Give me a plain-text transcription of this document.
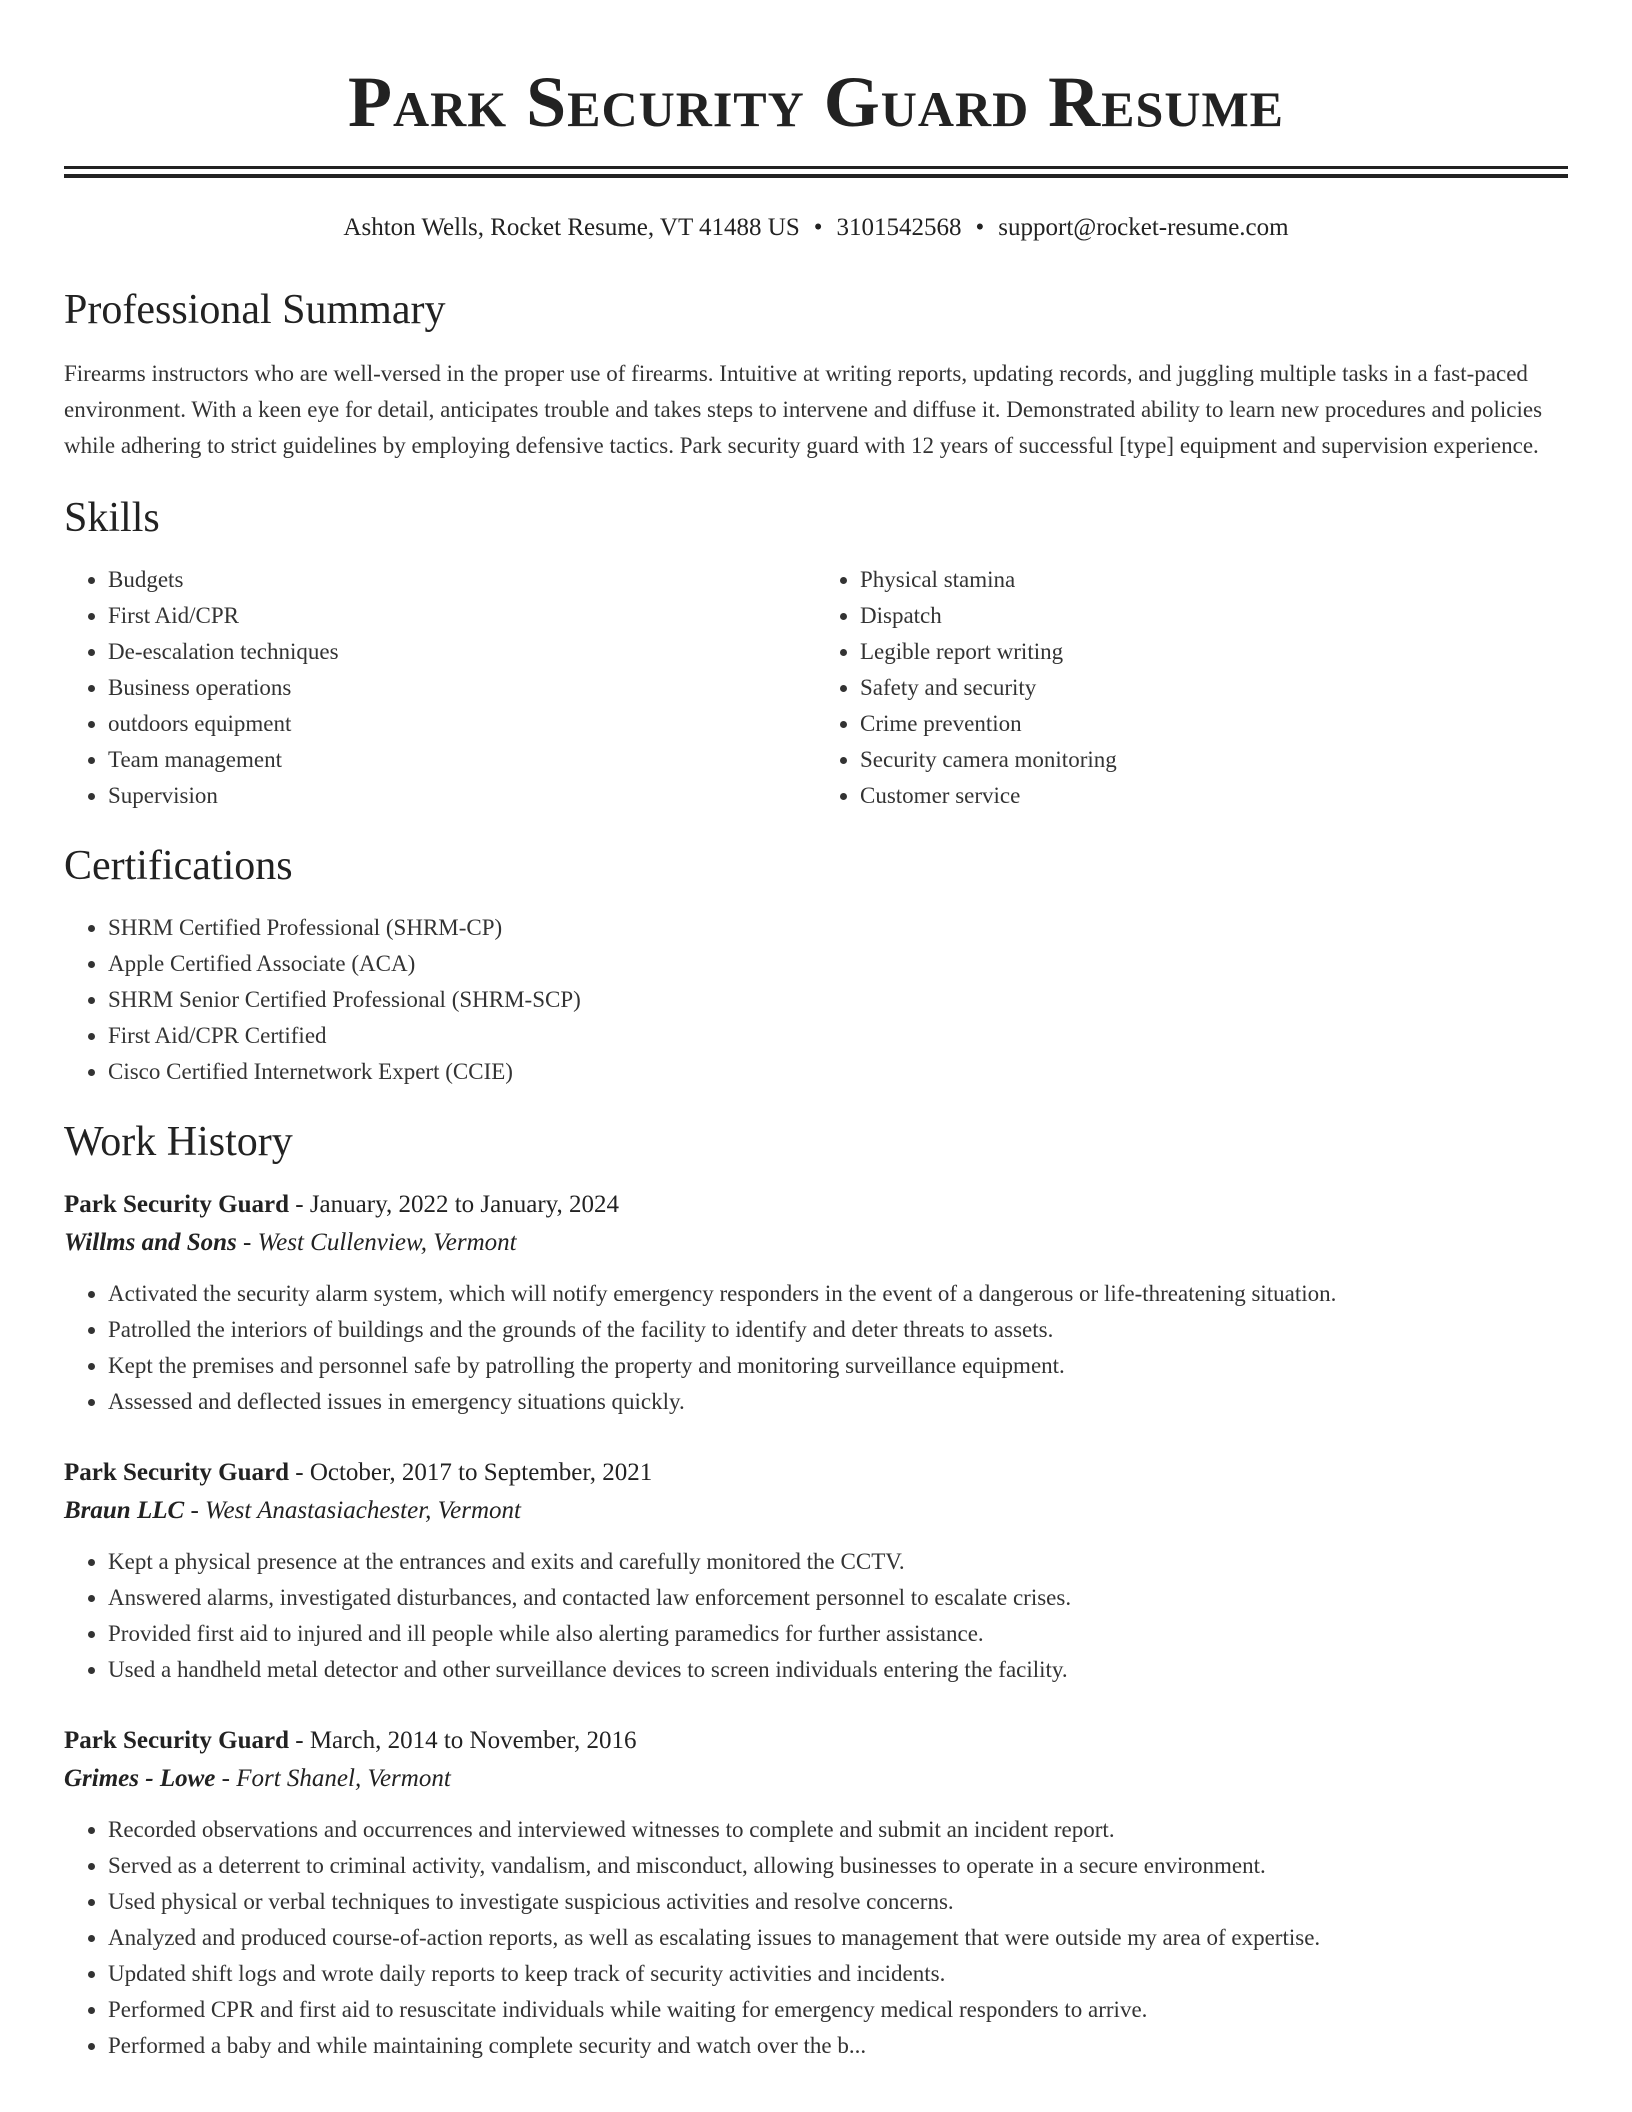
Park Security Guard Resume
Ashton Wells, Rocket Resume, VT 41488 US • 3101542568 • support@rocket-resume.com
Professional Summary

Firearms instructors who are well-versed in the proper use of firearms. Intuitive at writing reports, updating records, and juggling multiple tasks in a fast-paced environment. With a keen eye for detail, anticipates trouble and takes steps to intervene and diffuse it. Demonstrated ability to learn new procedures and policies while adhering to strict guidelines by employing defensive tactics. Park security guard with 12 years of successful [type] equipment and supervision experience.

Skills
• Budgets
• First Aid/CPR
• De-escalation techniques
• Business operations
• outdoors equipment
• Team management
• Supervision
• Physical stamina
• Dispatch
• Legible report writing
• Safety and security
• Crime prevention
• Security camera monitoring
• Customer service
Certifications
• SHRM Certified Professional (SHRM-CP)
• Apple Certified Associate (ACA)
• SHRM Senior Certified Professional (SHRM-SCP)
• First Aid/CPR Certified
• Cisco Certified Internetwork Expert (CCIE)
Work History
Park Security Guard - January, 2022 to January, 2024
Willms and Sons - West Cullenview, Vermont
• Activated the security alarm system, which will notify emergency responders in the event of a dangerous or life-threatening situation.
• Patrolled the interiors of buildings and the grounds of the facility to identify and deter threats to assets.
• Kept the premises and personnel safe by patrolling the property and monitoring surveillance equipment.
• Assessed and deflected issues in emergency situations quickly.
Park Security Guard - October, 2017 to September, 2021
Braun LLC - West Anastasiachester, Vermont
• Kept a physical presence at the entrances and exits and carefully monitored the CCTV.
• Answered alarms, investigated disturbances, and contacted law enforcement personnel to escalate crises.
• Provided first aid to injured and ill people while also alerting paramedics for further assistance.
• Used a handheld metal detector and other surveillance devices to screen individuals entering the facility.
Park Security Guard - March, 2014 to November, 2016
Grimes - Lowe - Fort Shanel, Vermont
• Recorded observations and occurrences and interviewed witnesses to complete and submit an incident report.
• Served as a deterrent to criminal activity, vandalism, and misconduct, allowing businesses to operate in a secure environment.
• Used physical or verbal techniques to investigate suspicious activities and resolve concerns.
• Analyzed and produced course-of-action reports, as well as escalating issues to management that were outside my area of expertise.
• Updated shift logs and wrote daily reports to keep track of security activities and incidents.
• Performed CPR and first aid to resuscitate individuals while waiting for emergency medical responders to arrive.
• Performed a baby and while maintaining complete security and watch over the b...
